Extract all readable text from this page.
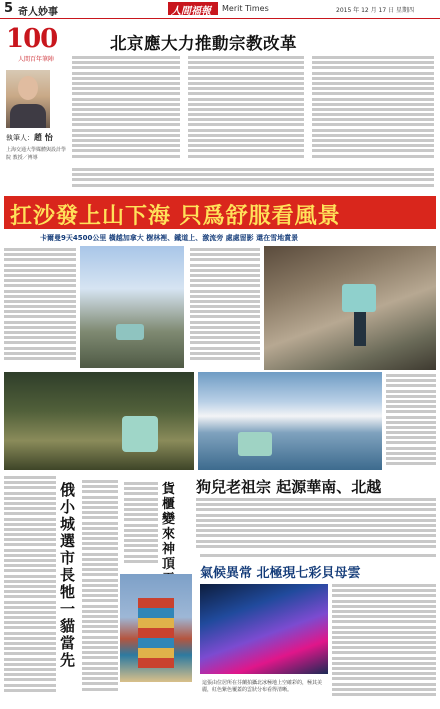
5 奇人妙事	人間福報 Merit Times	2015 年 12 月 17 日 星期四
100
人間百年筆陣
執筆人：趙 怡
上海交通大學媒體與設計學院 教授／博導
北京應大力推動宗教改革
扛沙發上山下海 只爲舒服看風景
卡爾曼9天4500公里 橫越加拿大 樹林裡、鐵道上、激流旁 處處留影 還在雪地賞景
狗兒老祖宗 起源華南、北越
俄小城選市長 牠一貓當先
貨櫃變來神 頂
氣候異常 北極現七彩貝母雲
這張由位居所在芬蘭拍攝北冰極地上空確彩的，極其美麗，紅色紫色覆蓋的雲狀分布看得清晰。
